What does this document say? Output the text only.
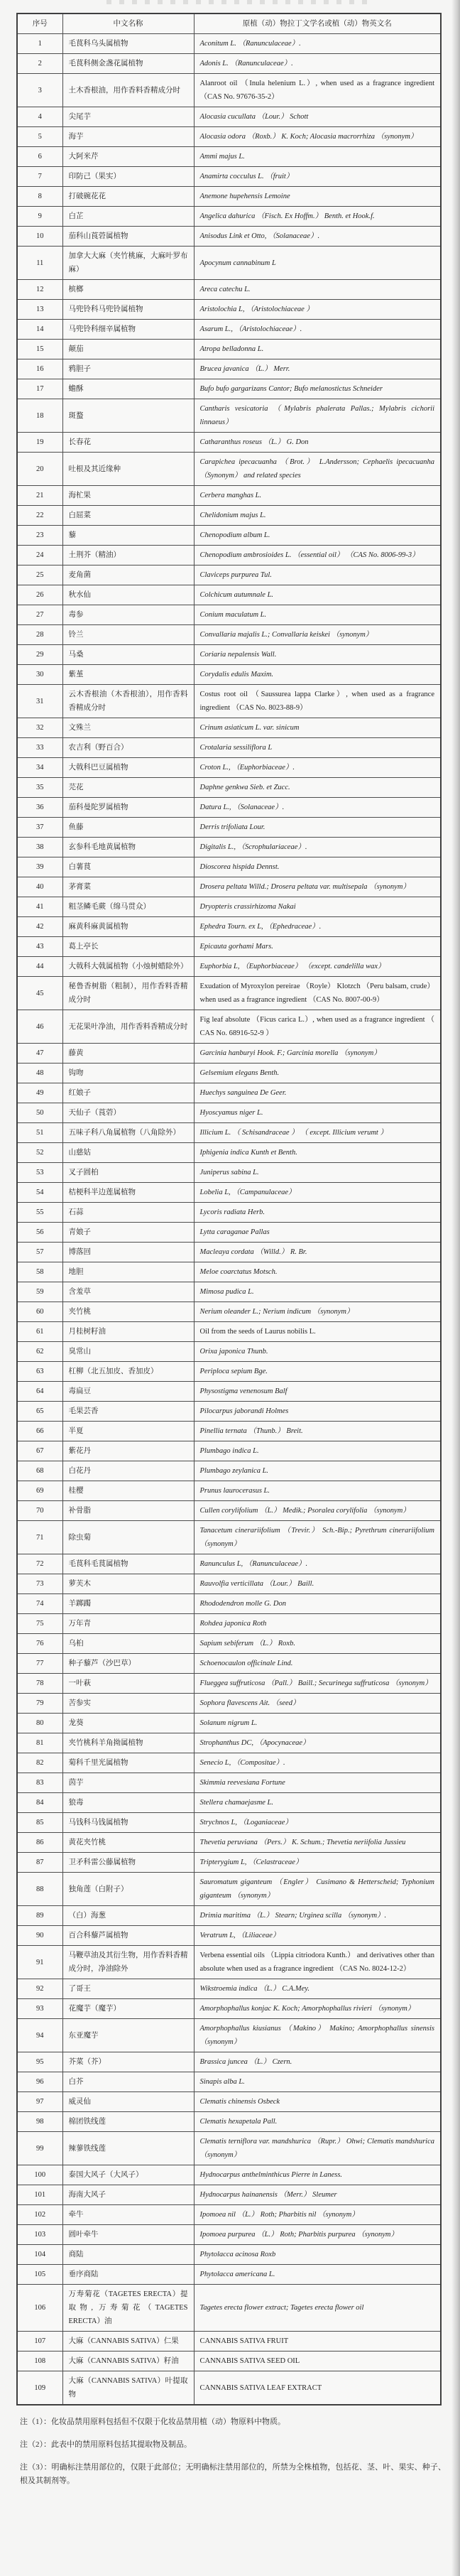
序号	中文名称	原植（动）物拉丁文学名或植（动）物英文名
1	毛茛科乌头属植物	Aconitum L. （Ranunculaceae）.
2	毛茛科侧金盏花属植物	Adonis L. （Ranunculaceae）.
3	土木香根油，用作香料香精成分时	Alanroot oil （Inula helenium L.）, when used as a fragrance ingredient （CAS No. 97676-35-2）
4	尖尾芋	Alocasia cucullata （Lour.） Schott
5	海芋	Alocasia odora （Roxb.） K. Koch; Alocasia macrorrhiza （synonym）
6	大阿米芹	Ammi majus L.
7	印防己（果实）	Anamirta cocculus L. （fruit）
8	打破碗花花	Anemone hupehensis Lemoine
9	白芷	Angelica dahurica （Fisch. Ex Hoffm.） Benth. et Hook.f.
10	茄科山莨菪属植物	Anisodus Link et Otto, （Solanaceae）.
11	加拿大大麻（夹竹桃麻，大麻叶罗布麻）	Apocynum cannabinum L
12	槟榔	Areca catechu L.
13	马兜铃科马兜铃属植物	Aristolochia L, （Aristolochiaceae ）
14	马兜铃科细辛属植物	Asarum L., （Aristolochiaceae）.
15	颠茄	Atropa belladonna L.
16	鸦胆子	Brucea javanica （L.） Merr.
17	蟾酥	Bufo bufo gargarizans Cantor; Bufo melanostictus Schneider
18	斑蝥	Cantharis vesicatoria （Mylabris phalerata Pallas.; Mylabris cichorii linnaeus）
19	长春花	Catharanthus roseus （L.） G. Don
20	吐根及其近缘种	Carapichea ipecacuanha （Brot.） L.Andersson; Cephaelis ipecacuanha （Synonym） and related species
21	海杧果	Cerbera manghas L.
22	白屈菜	Chelidonium majus L.
23	藜	Chenopodium album L.
24	土荆芥（精油）	Chenopodium ambrosioides L. （essential oil） （CAS No. 8006-99-3）
25	麦角菌	Claviceps purpurea Tul.
26	秋水仙	Colchicum autumnale L.
27	毒参	Conium maculatum L.
28	铃兰	Convallaria majalis L.; Convallaria keiskei （synonym）
29	马桑	Coriaria nepalensis Wall.
30	紫堇	Corydalis edulis Maxim.
31	云木香根油（木香根油），用作香料香精成分时	Costus root oil （Saussurea lappa Clarke）, when used as a fragrance ingredient （CAS No. 8023-88-9）
32	文殊兰	Crinum asiaticum L. var. sinicum
33	农吉利（野百合）	Crotalaria sessiliflora L
34	大戟科巴豆属植物	Croton L., （Euphorbiaceae）.
35	芫花	Daphne genkwa Sieb. et Zucc.
36	茄科曼陀罗属植物	Datura L., （Solanaceae）.
37	鱼藤	Derris trifoliata Lour.
38	玄参科毛地黄属植物	Digitalis L., （Scrophulariaceae）.
39	白薯茛	Dioscorea hispida Dennst.
40	茅膏菜	Drosera peltata Willd.; Drosera peltata var. multisepala （synonym）
41	粗茎鳞毛蕨（绵马贯众）	Dryopteris crassirhizoma Nakai
42	麻黄科麻黄属植物	Ephedra Tourn. ex L, （Ephedraceae）.
43	葛上亭长	Epicauta gorhami Mars.
44	大戟科大戟属植物（小烛树蜡除外）	Euphorbia L, （Euphorbiaceae） （except. candelilla wax）
45	秘鲁香树脂（粗制），用作香料香精成分时	Exudation of Myroxylon pereirae （Royle） Klotzch （Peru balsam, crude） when used as a fragrance ingredient （CAS No. 8007-00-9）
46	无花果叶净油，用作香料香精成分时	Fig leaf absolute （Ficus carica L.）, when used as a fragrance ingredient （ CAS No. 68916-52-9 ）
47	藤黄	Garcinia hanburyi Hook. F.; Garcinia morella （synonym）
48	钩吻	Gelsemium elegans Benth.
49	红娘子	Huechys sanguinea De Geer.
50	天仙子（莨菪）	Hyoscyamus niger L.
51	五味子科八角属植物（八角除外）	Illicium L. （ Schisandraceae ） （ except. Illicium verumt ）
52	山慈姑	Iphigenia indica Kunth et Benth.
53	叉子圆柏	Juniperus sabina L.
54	桔梗科半边莲属植物	Lobelia L, （Campanulaceae）
55	石蒜	Lycoris radiata Herb.
56	青娘子	Lytta caraganae Pallas
57	博落回	Macleaya cordata （Willd.） R. Br.
58	地胆	Meloe coarctatus Motsch.
59	含羞草	Mimosa pudica L.
60	夹竹桃	Nerium oleander L.; Nerium indicum （synonym）
61	月桂树籽油	Oil from the seeds of Laurus nobilis L.
62	臭常山	Orixa japonica Thunb.
63	杠柳（北五加皮、香加皮）	Periploca sepium Bge.
64	毒扁豆	Physostigma venenosum Balf
65	毛果芸香	Pilocarpus jaborandi Holmes
66	半夏	Pinellia ternata （Thunb.） Breit.
67	紫花丹	Plumbago indica L.
68	白花丹	Plumbago zeylanica L.
69	桂樱	Prunus laurocerasus L.
70	补骨脂	Cullen corylifolium （L.） Medik.; Psoralea corylifolia （synonym）
71	除虫菊	Tanacetum cinerariifolium （Trevir.） Sch.-Bip.; Pyrethrum cinerariifolium （synonym）
72	毛茛科毛茛属植物	Ranunculus L, （Ranunculaceae）.
73	萝芙木	Rauvolfia verticillata （Lour.） Baill.
74	羊踯躅	Rhododendron molle G. Don
75	万年青	Rohdea japonica Roth
76	乌桕	Sapium sebiferum （L.） Roxb.
77	种子藜芦（沙巴草）	Schoenocaulon officinale Lind.
78	一叶萩	Flueggea suffruticosa （Pall.） Baill.; Securinega suffruticosa （synonym）
79	苦参实	Sophora flavescens Ait. （seed）
80	龙葵	Solanum nigrum L.
81	夹竹桃科羊角拗属植物	Strophanthus DC, （Apocynaceae）
82	菊科千里光属植物	Senecio L, （Compositae）.
83	茵芋	Skimmia reevesiana Fortune
84	狼毒	Stellera chamaejasme L.
85	马钱科马钱属植物	Strychnos L, （Loganiaceae）
86	黄花夹竹桃	Thevetia peruviana （Pers.） K. Schum.; Thevetia neriifolia Jussieu
87	卫矛科雷公藤属植物	Tripterygium L, （Celastraceae）
88	独角莲（白附子）	Sauromatum giganteum （Engler） Cusimano & Hetterscheid; Typhonium giganteum （synonym）
89	（白）海葱	Drimia maritima （L.） Stearn; Urginea scilla （synonym）.
90	百合科藜芦属植物	Veratrum L, （Liliaceae）
91	马鞭草油及其衍生物，用作香料香精成分时，净油除外	Verbena essential oils （Lippia citriodora Kunth.） and derivatives other than absolute when used as a fragrance ingredient （CAS No. 8024-12-2）
92	了哥王	Wikstroemia indica （L.） C.A.Mey.
93	花魔芋（魔芋）	Amorphophallus konjac K. Koch; Amorphophallus rivieri （synonym）
94	东亚魔芋	Amorphophallus kiusianus （Makino） Makino; Amorphophallus sinensis （synonym）
95	芥菜（芥）	Brassica juncea （L.） Czern.
96	白芥	Sinapis alba L.
97	威灵仙	Clematis chinensis Osbeck
98	棉团铁线莲	Clematis hexapetala Pall.
99	辣蓼铁线莲	Clematis terniflora var. mandshurica （Rupr.） Ohwi; Clematis mandshurica （synonym）
100	泰国大风子（大风子）	Hydnocarpus anthelminthicus Pierre in Laness.
101	海南大风子	Hydnocarpus hainanensis （Merr.） Sleumer
102	牵牛	Ipomoea nil （L.） Roth; Pharbitis nil （synonym）
103	圆叶牵牛	Ipomoea purpurea （L.） Roth; Pharbitis purpurea （synonym）
104	商陆	Phytolacca acinosa Roxb
105	垂序商陆	Phytolacca americana L.
106	万寿菊花（TAGETES ERECTA）提取物, 万寿菊花（TAGETES ERECTA）油	Tagetes erecta flower extract; Tagetes erecta flower oil
107	大麻（CANNABIS SATIVA）仁果	CANNABIS SATIVA FRUIT
108	大麻（CANNABIS SATIVA）籽油	CANNABIS SATIVA SEED OIL
109	大麻（CANNABIS SATIVA）叶提取物	CANNABIS SATIVA LEAF EXTRACT

注（1）：化妆品禁用原料包括但不仅限于化妆品禁用植（动）物原料中物质。

注（2）：此表中的禁用原料包括其提取物及制品。

注（3）：明确标注禁用部位的，仅限于此部位；无明确标注禁用部位的，所禁为全株植物，包括花、茎、叶、果实、种子、根及其制剂等。
